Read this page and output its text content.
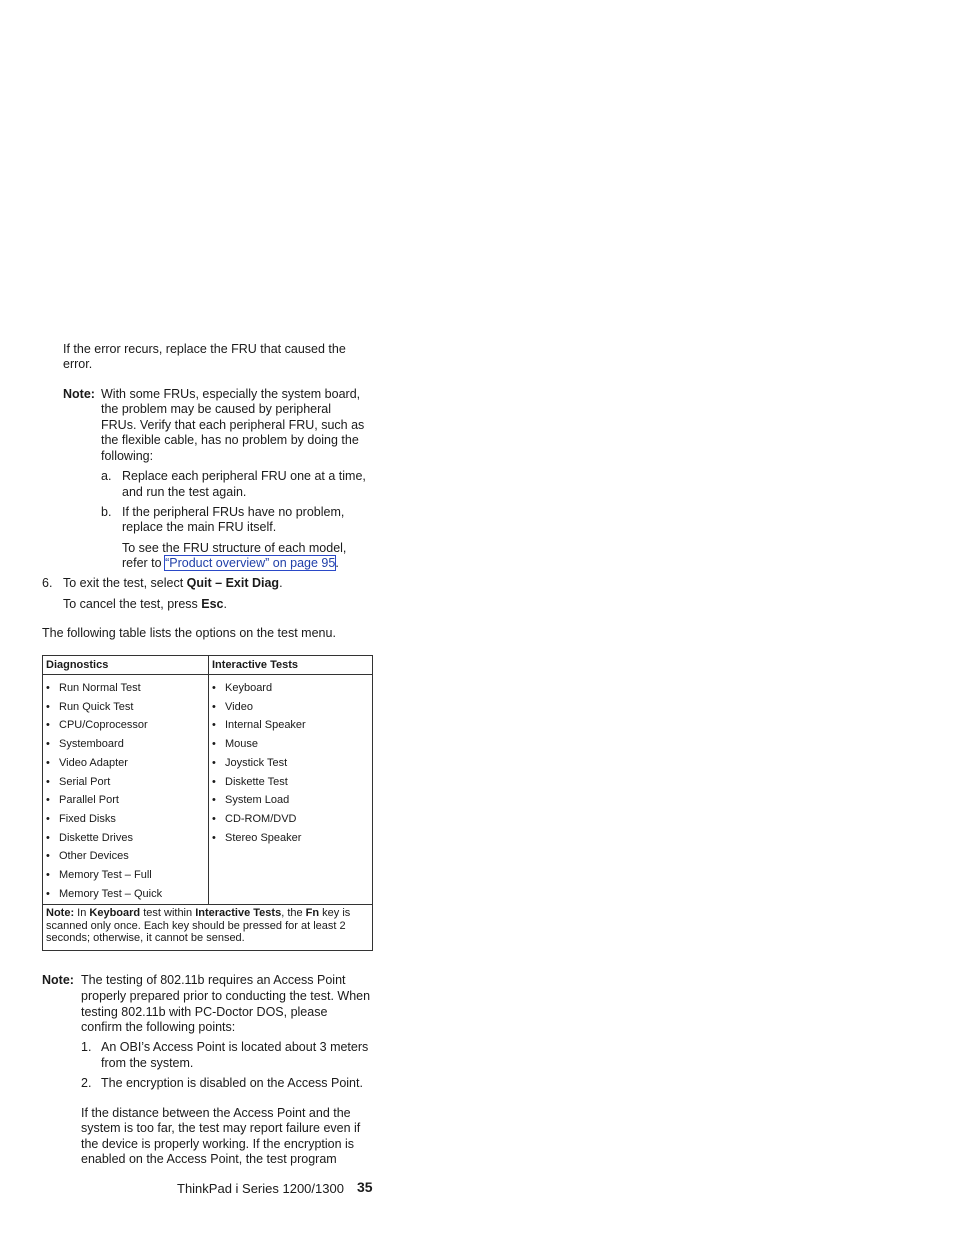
If the error recurs, replace the FRU that caused the
error.
Note: With some FRUs, especially the system board,
the problem may be caused by peripheral
FRUs. Verify that each peripheral FRU, such as
the flexible cable, has no problem by doing the
following:
a. Replace each peripheral FRU one at a time,
and run the test again.
b. If the peripheral FRUs have no problem,
replace the main FRU itself.
To see the FRU structure of each model,
refer to “Product overview” on page 95.
6. To exit the test, select Quit – Exit Diag.
To cancel the test, press Esc.
The following table lists the options on the test menu.
Diagnostics	Interactive Tests
• Run Normal Test
• Run Quick Test
• CPU/Coprocessor
• Systemboard
• Video Adapter
• Serial Port
• Parallel Port
• Fixed Disks
• Diskette Drives
• Other Devices
• Memory Test – Full
• Memory Test – Quick
• Keyboard
• Video
• Internal Speaker
• Mouse
• Joystick Test
• Diskette Test
• System Load
• CD-ROM/DVD
• Stereo Speaker
Note: In Keyboard test within Interactive Tests, the Fn key is
scanned only once. Each key should be pressed for at least 2
seconds; otherwise, it cannot be sensed.
Note: The testing of 802.11b requires an Access Point
properly prepared prior to conducting the test. When
testing 802.11b with PC-Doctor DOS, please
confirm the following points:
1. An OBI’s Access Point is located about 3 meters
from the system.
2. The encryption is disabled on the Access Point.
If the distance between the Access Point and the
system is too far, the test may report failure even if
the device is properly working. If the encryption is
enabled on the Access Point, the test program
ThinkPad i Series 1200/1300 35
